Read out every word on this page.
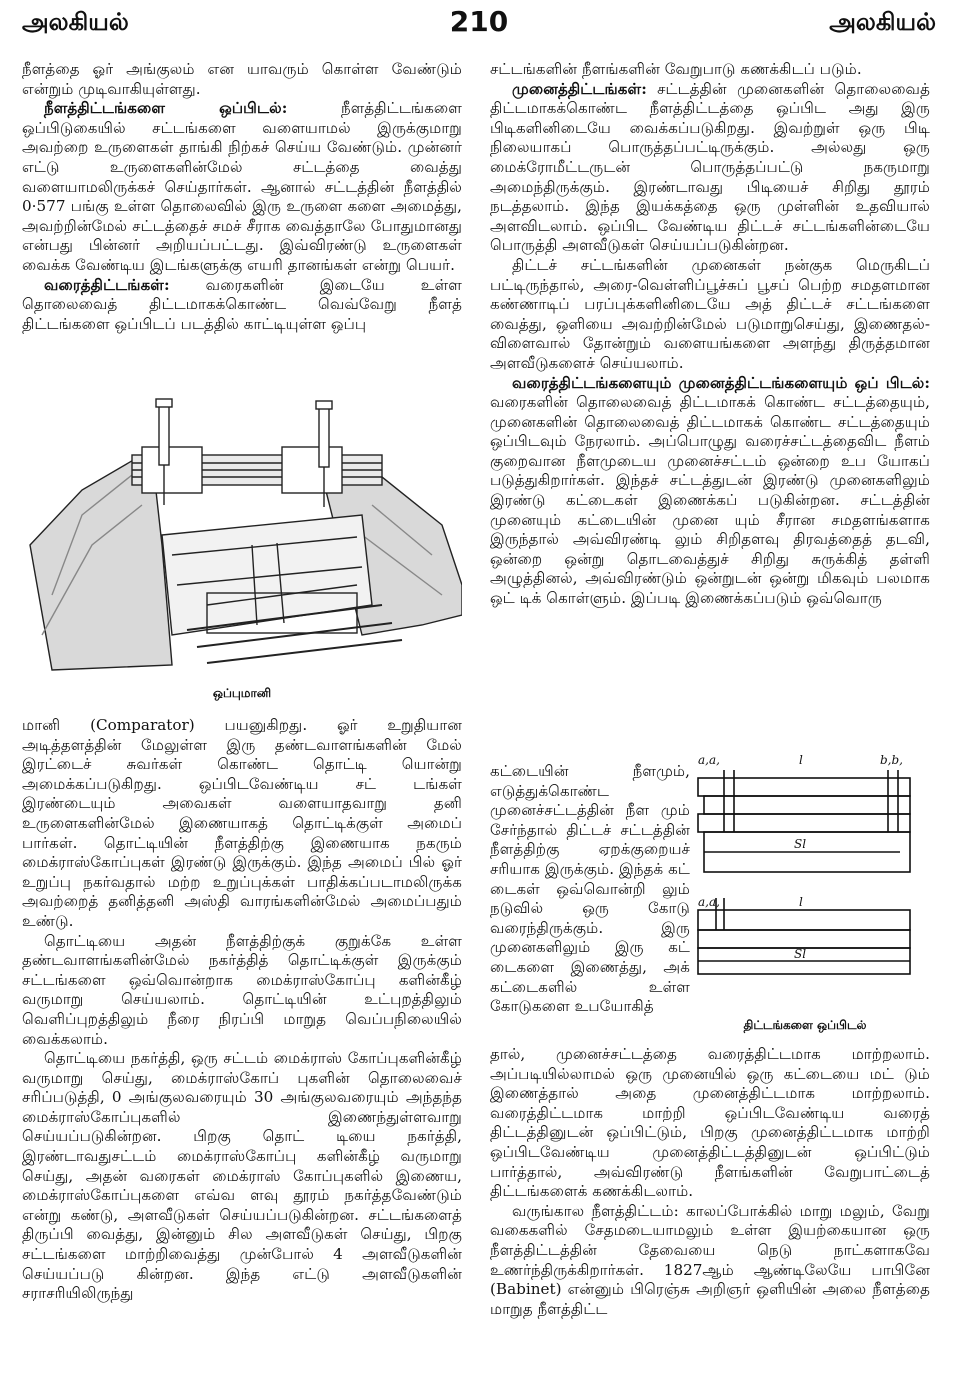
அலகியல்	210	அலகியல்

நீளத்தை ஓர் அங்குலம் என யாவரும் கொள்ள வேண்டும் என்றும் முடிவாகியுள்ளது.

நீளத்திட்டங்களை ஒப்பிடல்: நீளத்திட்டங்களை ஒப்பிடுகையில் சட்டங்களை வளையாமல் இருக்குமாறு அவற்றை உருளைகள் தாங்கி நிற்கச் செய்ய வேண்டும். முன்னர் எட்டு உருளைகளின்மேல் சட்டத்தை வைத்து வளையாமலிருக்கச் செய்தார்கள். ஆனால் சட்டத்தின் நீளத்தில் 0·577 பங்கு உள்ள தொலைவில் இரு உருளை களை அமைத்து, அவற்றின்மேல் சட்டத்தைச் சமச் சீராக வைத்தாலே போதுமானது என்பது பின்னர் அறியப்பட்டது. இவ்விரண்டு உருளைகள் வைக்க வேண்டிய இடங்களுக்கு எயரி தானங்கள் என்று பெயர்.

வரைத்திட்டங்கள்: வரைகளின் இடையே உள்ள தொலைவைத் திட்டமாகக்கொண்ட வெவ்வேறு நீளத் திட்டங்களை ஒப்பிடப் படத்தில் காட்டியுள்ள ஒப்பு

ஒப்புமானி

மானி (Comparator) பயனுகிறது. ஓர் உறுதியான அடித்தளத்தின் மேலுள்ள இரு தண்டவாளங்களின் மேல் இரட்டைச் சுவர்கள் கொண்ட தொட்டி யொன்று அமைக்கப்படுகிறது. ஒப்பிடவேண்டிய சட் டங்கள் இரண்டையும் அவைகள் வளையாதவாறு தனி உருளைகளின்மேல் இணையாகத் தொட்டிக்குள் அமைப் பார்கள். தொட்டியின் நீளத்திற்கு இணையாக நகரும் மைக்ராஸ்கோப்புகள் இரண்டு இருக்கும். இந்த அமைப் பில் ஓர் உறுப்பு நகர்வதால் மற்ற உறுப்புக்கள் பாதிக்கப்படாமலிருக்க அவற்றைத் தனித்தனி அஸ்தி வாரங்களின்மேல் அமைப்பதும் உண்டு.

தொட்டியை அதன் நீளத்திற்குக் குறுக்கே உள்ள தண்டவாளங்களின்மேல் நகர்த்தித் தொட்டிக்குள் இருக்கும் சட்டங்களை ஒவ்வொன்றாக மைக்ராஸ்கோப்பு களின்கீழ் வருமாறு செய்யலாம். தொட்டியின் உட்புறத்திலும் வெளிப்புறத்திலும் நீரை நிரப்பி மாறுத வெப்பநிலையில் வைக்கலாம்.

தொட்டியை நகர்த்தி, ஒரு சட்டம் மைக்ராஸ் கோப்புகளின்கீழ் வருமாறு செய்து, மைக்ராஸ்கோப் புகளின் தொலைவைச் சரிப்படுத்தி, 0 அங்குலவரையும் 30 அங்குலவரையும் அந்தந்த மைக்ராஸ்கோப்புகளில் இணைந்துள்ளவாறு செய்யப்படுகின்றன. பிறகு தொட் டியை நகர்த்தி, இரண்டாவதுசட்டம் மைக்ராஸ்கோப்பு களின்கீழ் வருமாறு செய்து, அதன் வரைகள் மைக்ராஸ் கோப்புகளில் இணைய, மைக்ராஸ்கோப்புகளை எவ்வ ளவு தூரம் நகர்த்தவேண்டும் என்று கண்டு, அளவீடுகள் செய்யப்படுகின்றன. சட்டங்களைத் திருப்பி வைத்து, இன்னும் சில அளவீடுகள் செய்து, பிறகு சட்டங்களை மாற்றிவைத்து முன்போல் 4 அளவீடுகளின் செய்யப்படு கின்றன. இந்த எட்டு அளவீடுகளின் சராசரியிலிருந்து

சட்டங்களின் நீளங்களின் வேறுபாடு கணக்கிடப் படும்.

முனைத்திட்டங்கள்: சட்டத்தின் முனைகளின் தொலைவைத் திட்டமாகக்கொண்ட நீளத்திட்டத்தை ஒப்பிட அது இரு பிடிகளினிடையே வைக்கப்படுகிறது. இவற்றுள் ஒரு பிடி நிலையாகப் பொருத்தப்பட்டிருக்கும். அல்லது ஒரு மைக்ரோமீட்டருடன் பொருத்தப்பட்டு நகருமாறு அமைந்திருக்கும். இரண்டாவது பிடியைச் சிறிது தூரம் நடத்தலாம். இந்த இயக்கத்தை ஒரு முள்ளின் உதவியால் அளவிடலாம். ஒப்பிட வேண்டிய திட்டச் சட்டங்களின்டையே பொருத்தி அளவீடுகள் செய்யப்படுகின்றன.

திட்டச் சட்டங்களின் முனைகள் நன்குக மெருகிடப் பட்டிருந்தால், அரை-வெள்ளிப்பூச்சுப் பூசப் பெற்ற சமதளமான கண்ணாடிப் பரப்புக்களினிடையே அத் திட்டச் சட்டங்களை வைத்து, ஒளியை அவற்றின்மேல் படுமாறுசெய்து, இணைதல்-விளைவால் தோன்றும் வளையங்களை அளந்து திருத்தமான அளவீடுகளைச் செய்யலாம்.

வரைத்திட்டங்களையும் முனைத்திட்டங்களையும் ஒப் பிடல்: வரைகளின் தொலைவைத் திட்டமாகக் கொண்ட சட்டத்தையும், முனைகளின் தொலைவைத் திட்டமாகக் கொண்ட சட்டத்தையும் ஒப்பிடவும் நேரலாம். அப்பொழுது வரைச்சட்டத்தைவிட நீளம் குறைவான நீளமுடைய முனைச்சட்டம் ஒன்றை உப யோகப் படுத்துகிறார்கள். இந்தச் சட்டத்துடன் இரண்டு முனைகளிலும் இரண்டு கட்டைகள் இணைக்கப் படுகின்றன. சட்டத்தின் முனையும் கட்டையின் முனை யும் சீரான சமதளங்களாக இருந்தால் அவ்விரண்டி லும் சிறிதளவு திரவத்தைத் தடவி, ஒன்றை ஒன்று தொடவைத்துச் சிறிது சுருக்கித் தள்ளி அழுத்தினல், அவ்விரண்டும் ஒன்றுடன் ஒன்று மிகவும் பலமாக ஒட் டிக் கொள்ளும். இப்படி இணைக்கப்படும் ஒவ்வொரு

கட்டையின் நீளமும், எடுத்துக்கொண்ட முனைச்சட்டத்தின் நீள மும் சேர்ந்தால் திட்டச் சட்டத்தின் நீளத்திற்கு ஏறக்குறையச் சரியாக இருக்கும். இந்தக் கட் டைகள் ஒவ்வொன்றி லும் நடுவில் ஒரு கோடு வரைந்திருக்கும். இரு முனைகளிலும் இரு கட் டைகளை இணைத்து, அக் கட்டைகளில் உள்ள கோடுகளை உபயோகித்

a,a,	l	b,b,
Sl
a,a,	l
Sl
திட்டங்களை ஒப்பிடல்

தால், முனைச்சட்டத்தை வரைத்திட்டமாக மாற்றலாம். அப்படியில்லாமல் ஒரு முனையில் ஒரு கட்டையை மட் டும் இணைத்தால் அதை முனைத்திட்டமாக மாற்றலாம். வரைத்திட்டமாக மாற்றி ஒப்பிடவேண்டிய வரைத் திட்டத்தினுடன் ஒப்பிட்டும், பிறகு முனைத்திட்டமாக மாற்றி ஒப்பிடவேண்டிய முனைத்திட்டத்தினுடன் ஒப்பிட்டும் பார்த்தால், அவ்விரண்டு நீளங்களின் வேறுபாட்டைத் திட்டங்களைக் கணக்கிடலாம்.

வருங்கால நீளத்திட்டம்: காலப்போக்கில் மாறு மலும், வேறு வகைகளில் சேதமடையாமலும் உள்ள இயற்கையான ஒரு நீளத்திட்டத்தின் தேவையை நெடு நாட்களாகவே உணர்ந்திருக்கிறார்கள். 1827ஆம் ஆண்டிலேயே பாபினே (Babinet) என்னும் பிரெஞ்சு அறிஞர் ஒளியின் அலை நீளத்தை மாறுத நீளத்திட்ட
